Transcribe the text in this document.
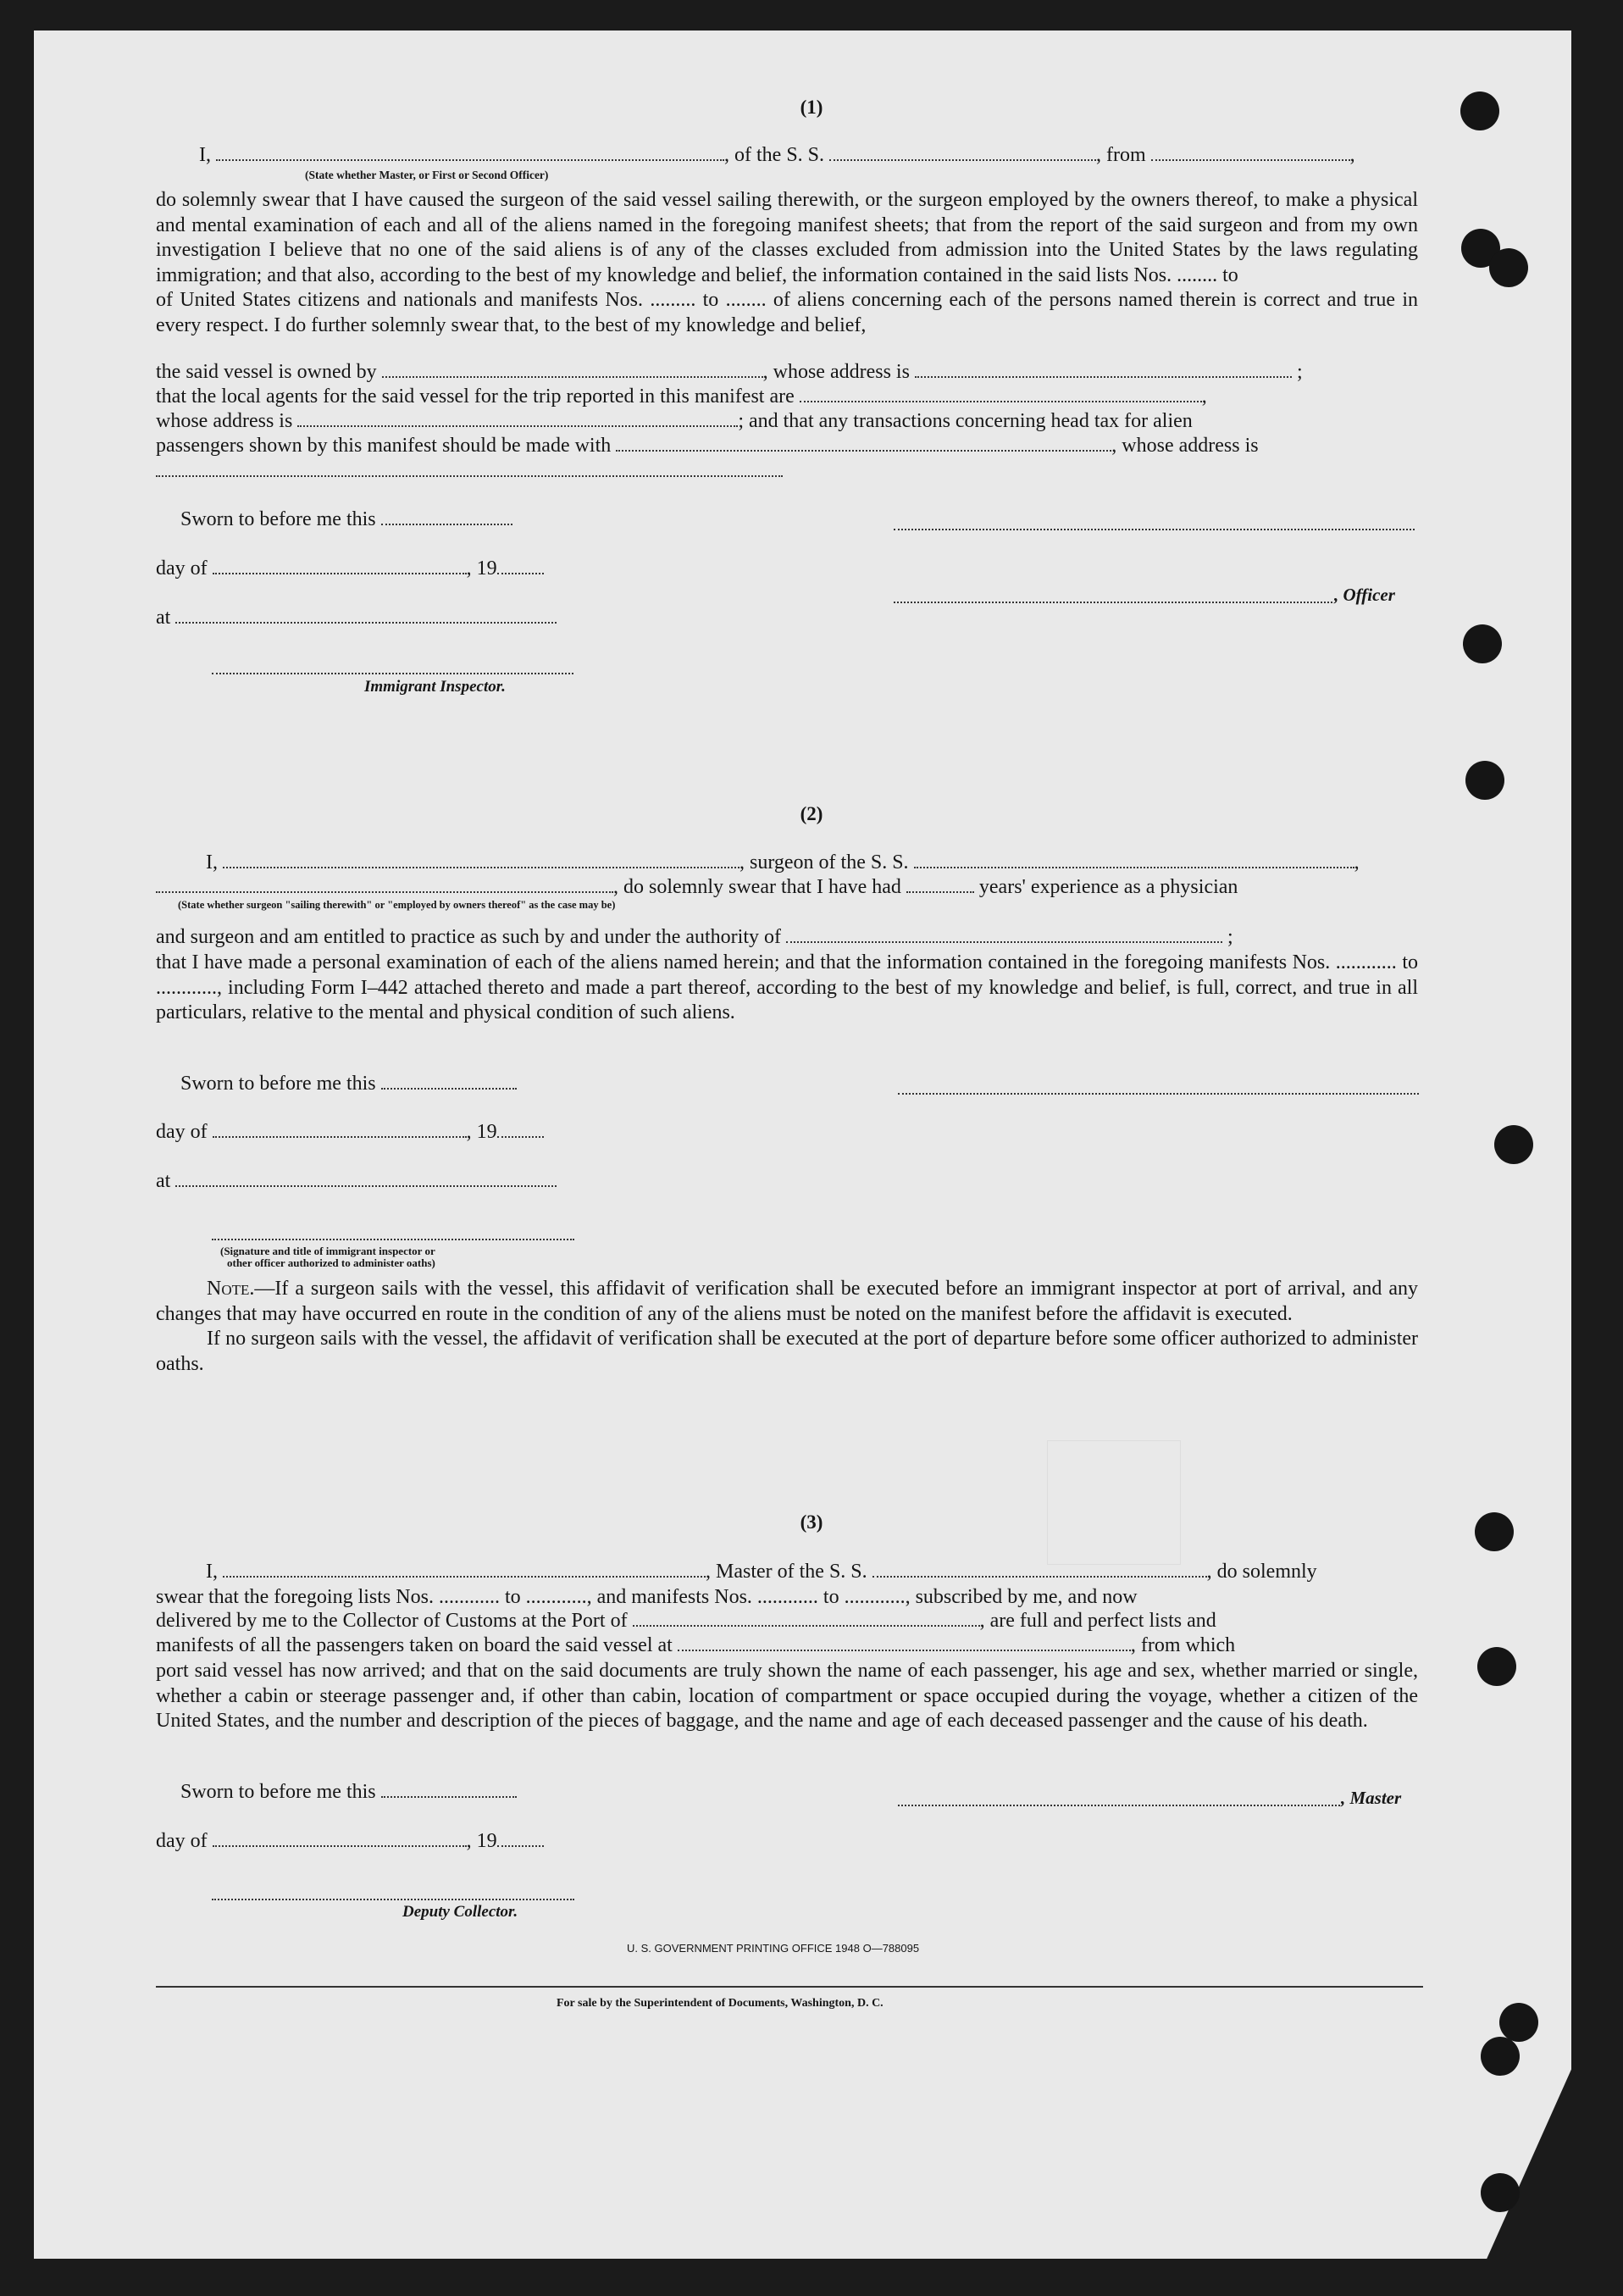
(1)
I,	, of the S. S.	, from	,
(State whether Master, or First or Second Officer)

do solemnly swear that I have caused the surgeon of the said vessel sailing therewith, or the surgeon employed by the owners thereof, to make a physical and mental examination of each and all of the aliens named in the foregoing manifest sheets; that from the report of the said surgeon and from my own investigation I believe that no one of the said aliens is of any of the classes excluded from admission into the United States by the laws regulating immigration; and that also, according to the best of my knowledge and belief, the information contained in the said lists Nos. ........ to

of United States citizens and nationals and manifests Nos. ......... to ........ of aliens concerning each of the persons named therein is correct and true in every respect. I do further solemnly swear that, to the best of my knowledge and belief,

the said vessel is owned by	, whose address is	;
that the local agents for the said vessel for the trip reported in this manifest are	,
whose address is	; and that any transactions concerning head tax for alien
passengers shown by this manifest should be made with	, whose address is
Sworn to before me this
day of	, 19
, Officer
at
Immigrant Inspector.
(2)
I,	, surgeon of the S. S.	,
, do solemnly swear that I have had	years' experience as a physician
(State whether surgeon "sailing therewith" or "employed by owners thereof" as the case may be)
and surgeon and am entitled to practice as such by and under the authority of	;

that I have made a personal examination of each of the aliens named herein; and that the information contained in the foregoing manifests Nos. ............ to ............, including Form I–442 attached thereto and made a part thereof, according to the best of my knowledge and belief, is full, correct, and true in all particulars, relative to the mental and physical condition of such aliens.

Sworn to before me this
day of	, 19
at
(Signature and title of immigrant inspector or
other officer authorized to administer oaths)

Note.—If a surgeon sails with the vessel, this affidavit of verification shall be executed before an immigrant inspector at port of arrival, and any changes that may have occurred en route in the condition of any of the aliens must be noted on the manifest before the affidavit is executed.

If no surgeon sails with the vessel, the affidavit of verification shall be executed at the port of departure before some officer authorized to administer oaths.

(3)
I,	, Master of the S. S.	, do solemnly

swear that the foregoing lists Nos. ............ to ............, and manifests Nos. ............ to ............, subscribed by me, and now

delivered by me to the Collector of Customs at the Port of	, are full and perfect lists and
manifests of all the passengers taken on board the said vessel at	, from which

port said vessel has now arrived; and that on the said documents are truly shown the name of each passenger, his age and sex, whether married or single, whether a cabin or steerage passenger and, if other than cabin, location of compartment or space occupied during the voyage, whether a citizen of the United States, and the number and description of the pieces of baggage, and the name and age of each deceased passenger and the cause of his death.

Sworn to before me this	, Master
day of	, 19
Deputy Collector.
U. S. GOVERNMENT PRINTING OFFICE 1948 O—788095
For sale by the Superintendent of Documents, Washington, D. C.
